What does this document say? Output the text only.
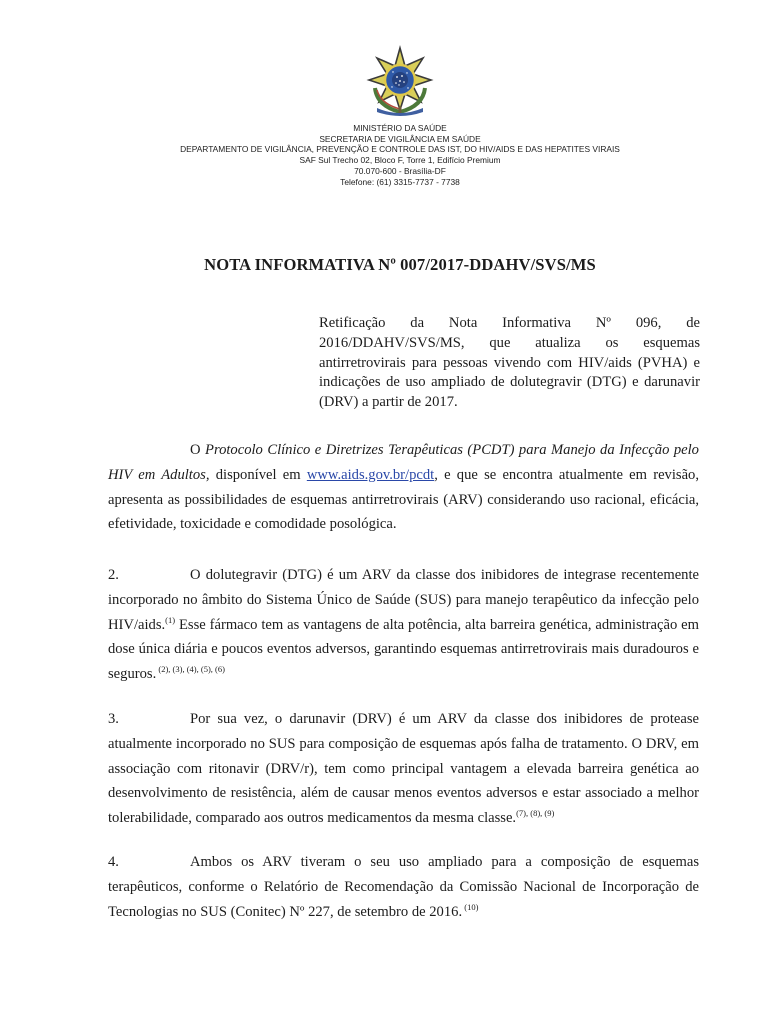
MINISTÉRIO DA SAÚDE
SECRETARIA DE VIGILÂNCIA EM SAÚDE
DEPARTAMENTO DE VIGILÂNCIA, PREVENÇÃO E CONTROLE DAS IST, DO HIV/AIDS E DAS HEPATITES VIRAIS
SAF Sul Trecho 02, Bloco F, Torre 1, Edifício Premium
70.070-600 - Brasília-DF
Telefone: (61) 3315-7737 - 7738
NOTA INFORMATIVA Nº 007/2017-DDAHV/SVS/MS
Retificação da Nota Informativa Nº 096, de 2016/DDAHV/SVS/MS, que atualiza os esquemas antirretrovirais para pessoas vivendo com HIV/aids (PVHA) e indicações de uso ampliado de dolutegravir (DTG) e darunavir (DRV) a partir de 2017.
O Protocolo Clínico e Diretrizes Terapêuticas (PCDT) para Manejo da Infecção pelo HIV em Adultos, disponível em www.aids.gov.br/pcdt, e que se encontra atualmente em revisão, apresenta as possibilidades de esquemas antirretrovirais (ARV) considerando uso racional, eficácia, efetividade, toxicidade e comodidade posológica.
2.	O dolutegravir (DTG) é um ARV da classe dos inibidores de integrase recentemente incorporado no âmbito do Sistema Único de Saúde (SUS) para manejo terapêutico da infecção pelo HIV/aids.$^{(1)}$ Esse fármaco tem as vantagens de alta potência, alta barreira genética, administração em dose única diária e poucos eventos adversos, garantindo esquemas antirretrovirais mais duradouros e seguros. $^{(2), (3), (4), (5), (6)}$
3.	Por sua vez, o darunavir (DRV) é um ARV da classe dos inibidores de protease atualmente incorporado no SUS para composição de esquemas após falha de tratamento. O DRV, em associação com ritonavir (DRV/r), tem como principal vantagem a elevada barreira genética ao desenvolvimento de resistência, além de causar menos eventos adversos e estar associado a melhor tolerabilidade, comparado aos outros medicamentos da mesma classe.$^{(7), (8), (9)}$
4.	Ambos os ARV tiveram o seu uso ampliado para a composição de esquemas terapêuticos, conforme o Relatório de Recomendação da Comissão Nacional de Incorporação de Tecnologias no SUS (Conitec) Nº 227, de setembro de 2016. $^{(10)}$
